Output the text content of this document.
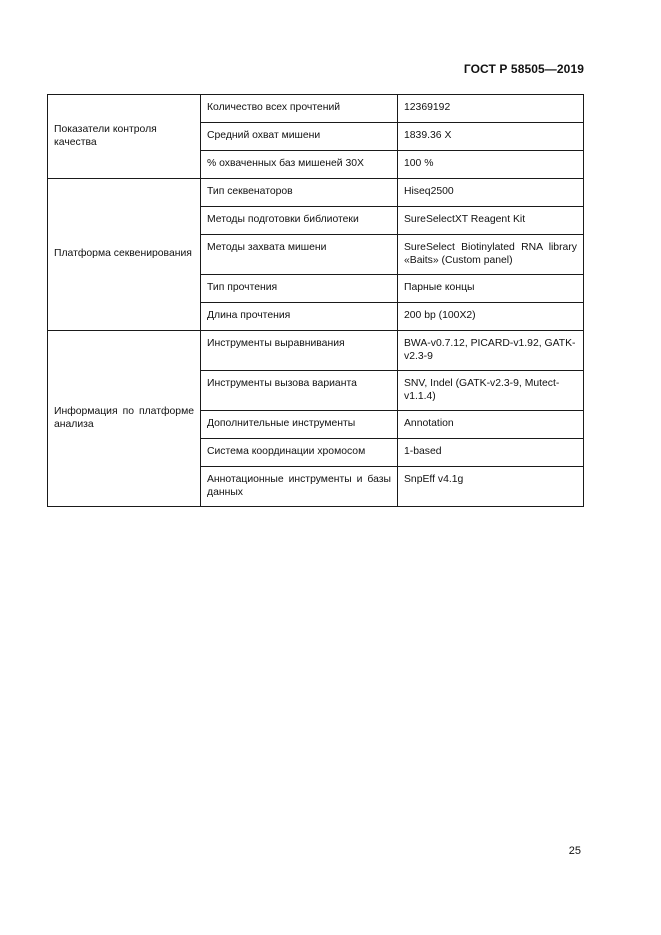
ГОСТ Р 58505—2019
Показатели контроля качества	Количество всех прочтений	12369192
	Средний охват мишени	1839.36 X
	% охваченных баз мишеней 30X	100 %
Платформа секвенирования	Тип секвенаторов	Hiseq2500
	Методы подготовки библиотеки	SureSelectXT Reagent Kit
	Методы захвата мишени	SureSelect Biotinylated RNA library «Baits» (Custom panel)
	Тип прочтения	Парные концы
	Длина прочтения	200 bp (100X2)
Информация по платформе анализа	Инструменты выравнивания	BWA-v0.7.12, PICARD-v1.92, GATK-v2.3-9
	Инструменты вызова варианта	SNV, Indel (GATK-v2.3-9, Mutect-v1.1.4)
	Дополнительные инструменты	Annotation
	Система координации хромосом	1-based
	Аннотационные инструменты и базы данных	SnpEff v4.1g
25
